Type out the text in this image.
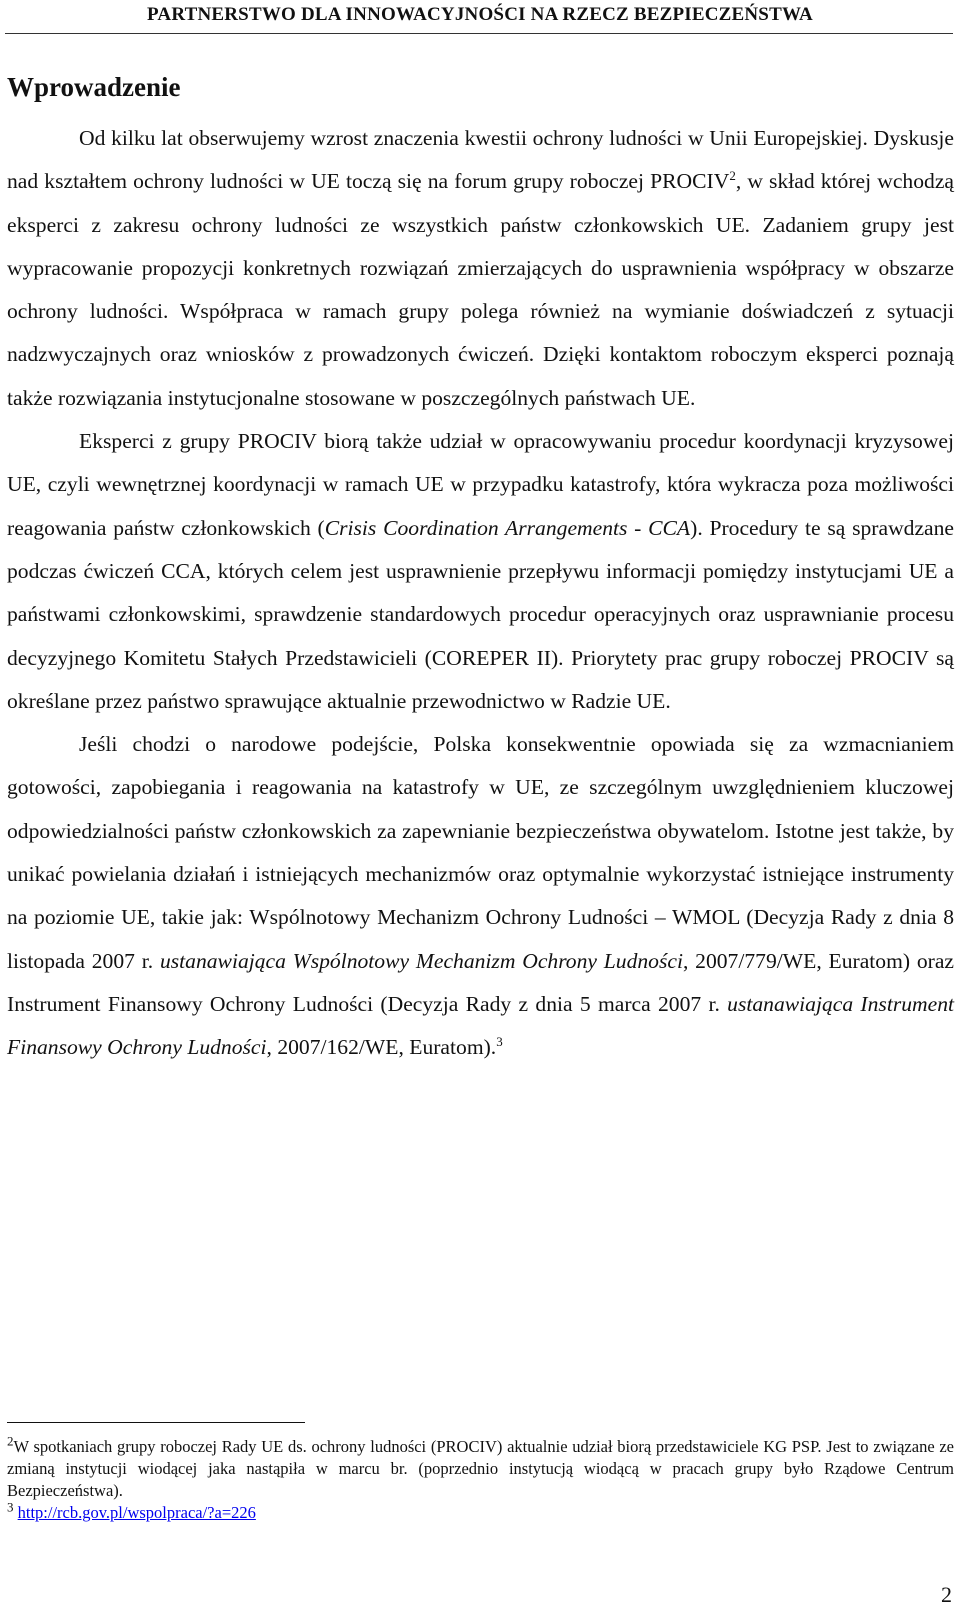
PARTNERSTWO DLA INNOWACYJNOŚCI NA RZECZ BEZPIECZEŃSTWA
Wprowadzenie

Od kilku lat obserwujemy wzrost znaczenia kwestii ochrony ludności w Unii Europejskiej. Dyskusje nad kształtem ochrony ludności w UE toczą się na forum grupy roboczej PROCIV$^2$, w skład której wchodzą eksperci z zakresu ochrony ludności ze wszystkich państw członkowskich UE. Zadaniem grupy jest wypracowanie propozycji konkretnych rozwiązań zmierzających do usprawnienia współpracy w obszarze ochrony ludności. Współpraca w ramach grupy polega również na wymianie doświadczeń z sytuacji nadzwyczajnych oraz wniosków z prowadzonych ćwiczeń. Dzięki kontaktom roboczym eksperci poznają także rozwiązania instytucjonalne stosowane w poszczególnych państwach UE.

Eksperci z grupy PROCIV biorą także udział w opracowywaniu procedur koordynacji kryzysowej UE, czyli wewnętrznej koordynacji w ramach UE w przypadku katastrofy, która wykracza poza możliwości reagowania państw członkowskich (Crisis Coordination Arrangements - CCA). Procedury te są sprawdzane podczas ćwiczeń CCA, których celem jest usprawnienie przepływu informacji pomiędzy instytucjami UE a państwami członkowskimi, sprawdzenie standardowych procedur operacyjnych oraz usprawnianie procesu decyzyjnego Komitetu Stałych Przedstawicieli (COREPER II). Priorytety prac grupy roboczej PROCIV są określane przez państwo sprawujące aktualnie przewodnictwo w Radzie UE.

Jeśli chodzi o narodowe podejście, Polska konsekwentnie opowiada się za wzmacnianiem gotowości, zapobiegania i reagowania na katastrofy w UE, ze szczególnym uwzględnieniem kluczowej odpowiedzialności państw członkowskich za zapewnianie bezpieczeństwa obywatelom. Istotne jest także, by unikać powielania działań i istniejących mechanizmów oraz optymalnie wykorzystać istniejące instrumenty na poziomie UE, takie jak: Wspólnotowy Mechanizm Ochrony Ludności – WMOL (Decyzja Rady z dnia 8 listopada 2007 r. ustanawiająca Wspólnotowy Mechanizm Ochrony Ludności, 2007/779/WE, Euratom) oraz Instrument Finansowy Ochrony Ludności (Decyzja Rady z dnia 5 marca 2007 r. ustanawiająca Instrument Finansowy Ochrony Ludności, 2007/162/WE, Euratom).$^3$

$^2$W spotkaniach grupy roboczej Rady UE ds. ochrony ludności (PROCIV) aktualnie udział biorą przedstawiciele KG PSP. Jest to związane ze zmianą instytucji wiodącej jaka nastąpiła w marcu br. (poprzednio instytucją wiodącą w pracach grupy było Rządowe Centrum Bezpieczeństwa).

$^3$ http://rcb.gov.pl/wspolpraca/?a=226

2
